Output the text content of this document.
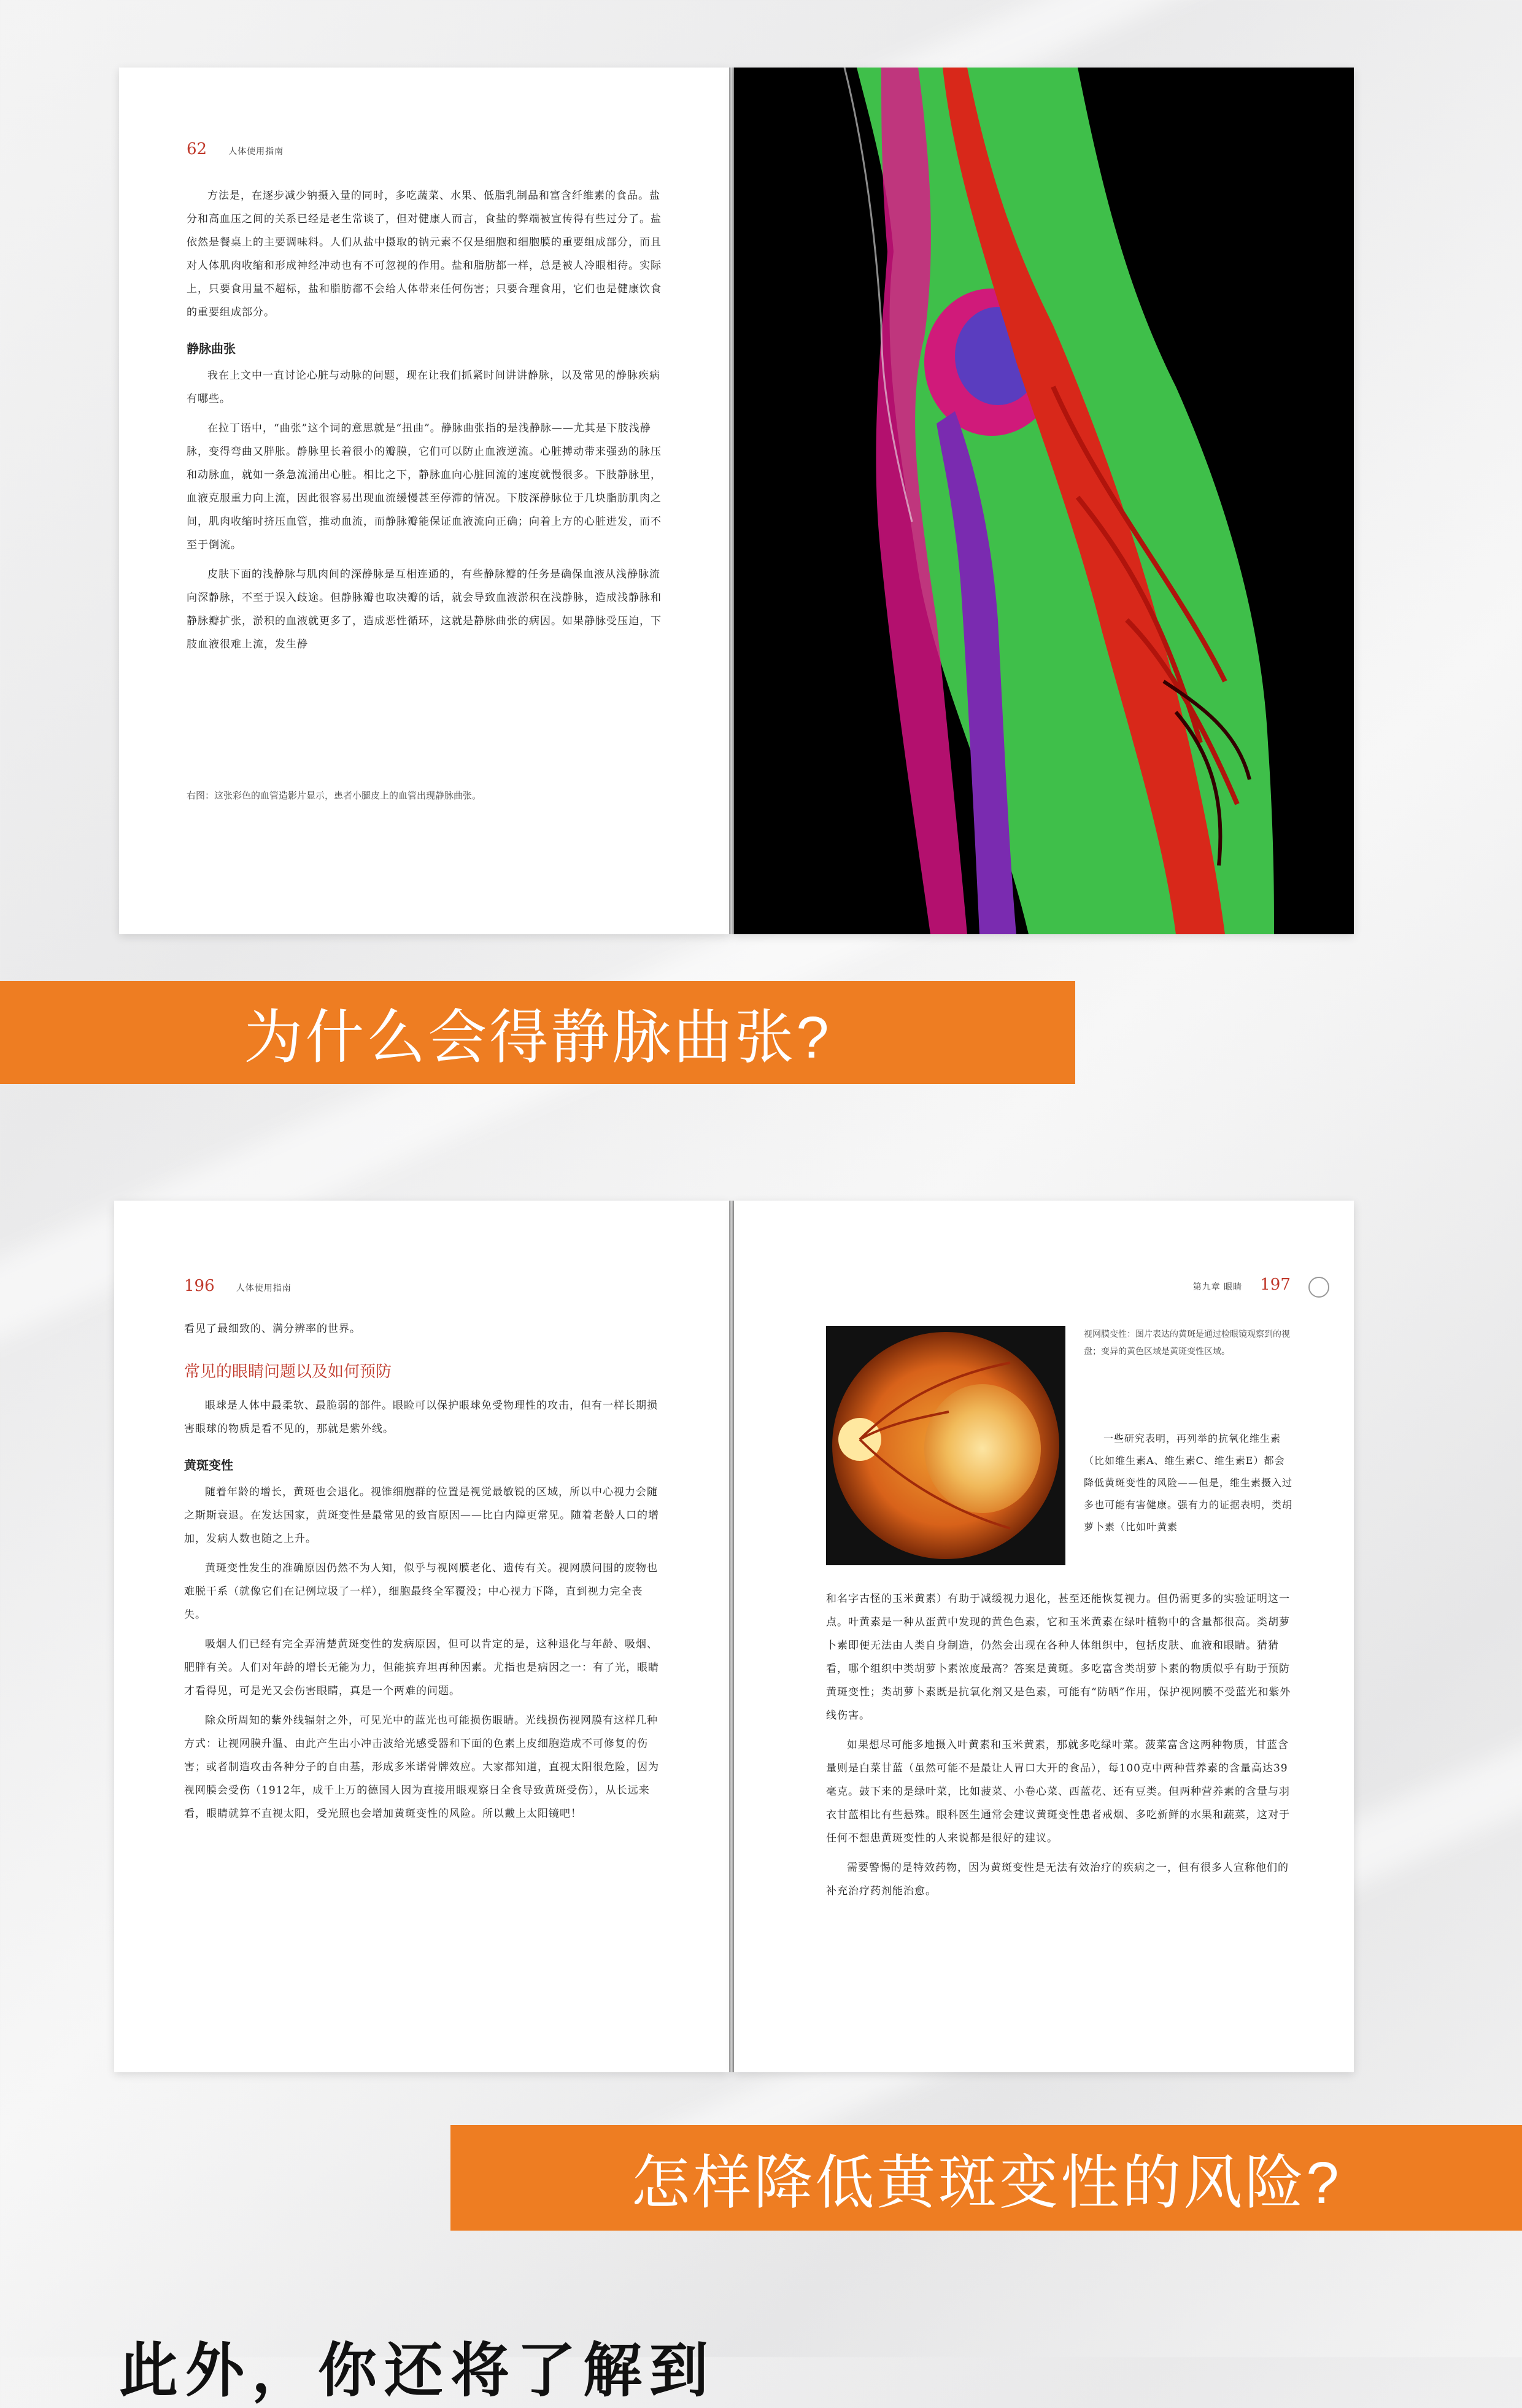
62	人体使用指南

方法是，在逐步减少钠摄入量的同时，多吃蔬菜、水果、低脂乳制品和富含纤维素的食品。盐分和高血压之间的关系已经是老生常谈了，但对健康人而言，食盐的弊端被宣传得有些过分了。盐依然是餐桌上的主要调味料。人们从盐中摄取的钠元素不仅是细胞和细胞膜的重要组成部分，而且对人体肌肉收缩和形成神经冲动也有不可忽视的作用。盐和脂肪都一样，总是被人冷眼相待。实际上，只要食用量不超标，盐和脂肪都不会给人体带来任何伤害；只要合理食用，它们也是健康饮食的重要组成部分。

静脉曲张

我在上文中一直讨论心脏与动脉的问题，现在让我们抓紧时间讲讲静脉，以及常见的静脉疾病有哪些。

在拉丁语中，“曲张”这个词的意思就是“扭曲”。静脉曲张指的是浅静脉——尤其是下肢浅静脉，变得弯曲又胖胀。静脉里长着很小的瓣膜，它们可以防止血液逆流。心脏搏动带来强劲的脉压和动脉血，就如一条急流涌出心脏。相比之下，静脉血向心脏回流的速度就慢很多。下肢静脉里，血液克服重力向上流，因此很容易出现血流缓慢甚至停滞的情况。下肢深静脉位于几块脂肪肌肉之间，肌肉收缩时挤压血管，推动血流，而静脉瓣能保证血液流向正确；向着上方的心脏进发，而不至于倒流。

皮肤下面的浅静脉与肌肉间的深静脉是互相连通的，有些静脉瓣的任务是确保血液从浅静脉流向深静脉，不至于误入歧途。但静脉瓣也取决瓣的话，就会导致血液淤积在浅静脉，造成浅静脉和静脉瓣扩张，淤积的血液就更多了，造成恶性循环，这就是静脉曲张的病因。如果静脉受压迫，下肢血液很难上流，发生静

右图：这张彩色的血管造影片显示，患者小腿皮上的血管出现静脉曲张。
为什么会得静脉曲张?
196	人体使用指南

看见了最细致的、满分辨率的世界。

常见的眼睛问题以及如何预防

眼球是人体中最柔软、最脆弱的部件。眼睑可以保护眼球免受物理性的攻击，但有一样长期损害眼球的物质是看不见的，那就是紫外线。

黄斑变性

随着年龄的增长，黄斑也会退化。视锥细胞群的位置是视觉最敏锐的区域，所以中心视力会随之斯斯衰退。在发达国家，黄斑变性是最常见的致盲原因——比白内障更常见。随着老龄人口的增加，发病人数也随之上升。

黄斑变性发生的准确原因仍然不为人知，似乎与视网膜老化、遗传有关。视网膜问围的废物也难脱干系（就像它们在记例垃圾了一样），细胞最终全军覆没；中心视力下降，直到视力完全丧失。

吸烟人们已经有完全弄清楚黄斑变性的发病原因，但可以肯定的是，这种退化与年龄、吸烟、肥胖有关。人们对年龄的增长无能为力，但能摈弃坦再种因素。尤指也是病因之一：有了光，眼睛才看得见，可是光又会伤害眼睛，真是一个两难的问题。

除众所周知的紫外线辐射之外，可见光中的蓝光也可能损伤眼睛。光线损伤视网膜有这样几种方式：让视网膜升温、由此产生出小冲击波给光感受器和下面的色素上皮细胞造成不可修复的伤害；或者制造攻击各种分子的自由基，形成多米诺骨牌效应。大家都知道，直视太阳很危险，因为视网膜会受伤（1912年，成千上万的德国人因为直接用眼观察日全食导致黄斑受伤），从长远来看，眼睛就算不直视太阳，受光照也会增加黄斑变性的风险。所以戴上太阳镜吧！

第九章 眼睛 197
视网膜变性：图片表达的黄斑是通过检眼镜观察到的视盘；变异的黄色区域是黄斑变性区域。

一些研究表明，再列举的抗氧化维生素（比如维生素A、维生素C、维生素E）都会降低黄斑变性的风险——但是，维生素摄入过多也可能有害健康。强有力的证据表明，类胡萝卜素（比如叶黄素

和名字古怪的玉米黄素）有助于减缓视力退化，甚至还能恢复视力。但仍需更多的实验证明这一点。叶黄素是一种从蛋黄中发现的黄色色素，它和玉米黄素在绿叶植物中的含量都很高。类胡萝卜素即便无法由人类自身制造，仍然会出现在各种人体组织中，包括皮肤、血液和眼睛。猜猜看，哪个组织中类胡萝卜素浓度最高？答案是黄斑。多吃富含类胡萝卜素的物质似乎有助于预防黄斑变性；类胡萝卜素既是抗氧化剂又是色素，可能有“防晒”作用，保护视网膜不受蓝光和紫外线伤害。

如果想尽可能多地摄入叶黄素和玉米黄素，那就多吃绿叶菜。菠菜富含这两种物质，甘蓝含量则是白菜甘蓝（虽然可能不是最让人胃口大开的食品），每100克中两种营养素的含量高达39毫克。鼓下来的是绿叶菜，比如菠菜、小卷心菜、西蓝花、还有豆类。但两种营养素的含量与羽衣甘蓝相比有些悬殊。眼科医生通常会建议黄斑变性患者戒烟、多吃新鲜的水果和蔬菜，这对于任何不想患黄斑变性的人来说都是很好的建议。

需要警惕的是特效药物，因为黄斑变性是无法有效治疗的疾病之一，但有很多人宣称他们的补充治疗药剂能治愈。

怎样降低黄斑变性的风险?
此外，你还将了解到
